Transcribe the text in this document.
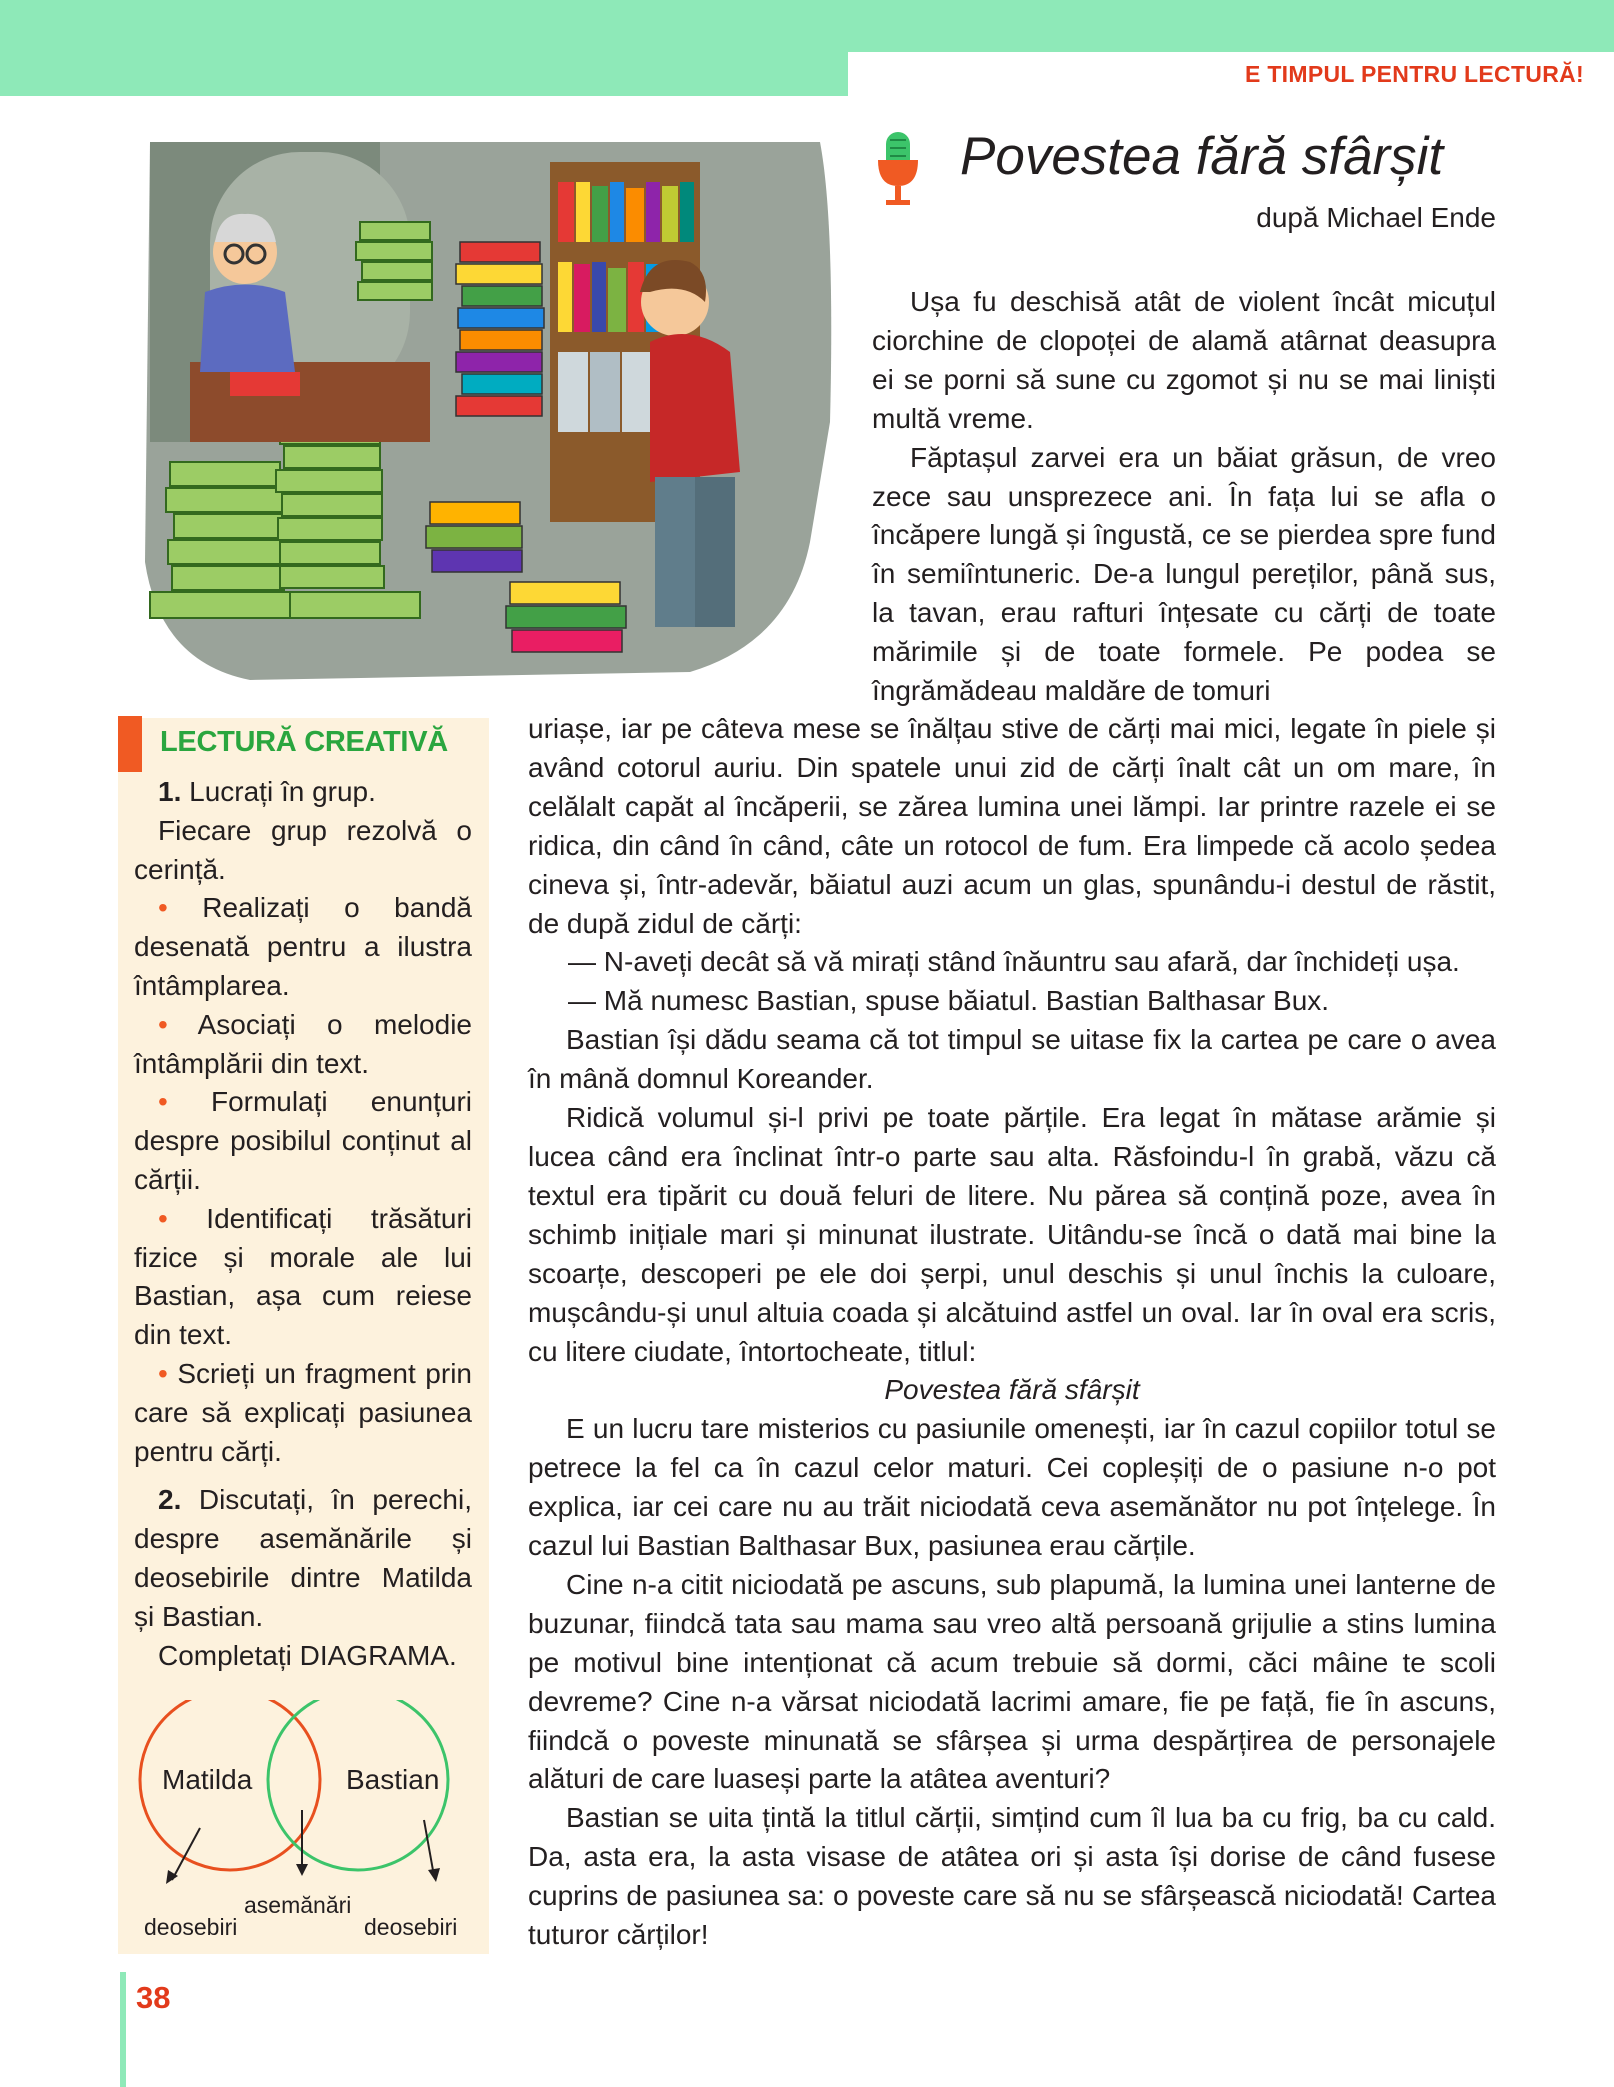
E TIMPUL PENTRU LECTURĂ!
Povestea fără sfârșit
după Michael Ende

Ușa fu deschisă atât de violent încât micuțul ciorchine de clopoței de alamă atârnat deasupra ei se porni să sune cu zgomot și nu se mai liniști multă vreme.

Făptașul zarvei era un băiat grăsun, de vreo zece sau unsprezece ani. În fața lui se afla o încăpere lungă și îngustă, ce se pierdea spre fund în semiîntuneric. De-a lungul pereților, până sus, la tavan, erau rafturi înțesate cu cărți de toate mărimile și de toate formele. Pe podea se îngrămădeau maldăre de tomuri

uriașe, iar pe câteva mese se înălțau stive de cărți mai mici, legate în piele și având cotorul auriu. Din spatele unui zid de cărți înalt cât un om mare, în celălalt capăt al încăperii, se zărea lumina unei lămpi. Iar printre razele ei se ridica, din când în când, câte un rotocol de fum. Era limpede că acolo ședea cineva și, într-adevăr, băiatul auzi acum un glas, spunându-i destul de răstit, de după zidul de cărți:

— N-aveți decât să vă mirați stând înăuntru sau afară, dar închideți ușa.

— Mă numesc Bastian, spuse băiatul. Bastian Balthasar Bux.

Bastian își dădu seama că tot timpul se uitase fix la cartea pe care o avea în mână domnul Koreander.

Ridică volumul și-l privi pe toate părțile. Era legat în mătase arămie și lucea când era înclinat într-o parte sau alta. Răsfoindu-l în grabă, văzu că textul era tipărit cu două feluri de litere. Nu părea să conțină poze, avea în schimb inițiale mari și minunat ilustrate. Uitându-se încă o dată mai bine la scoarțe, descoperi pe ele doi șerpi, unul deschis și unul închis la culoare, mușcându-și unul altuia coada și alcătuind astfel un oval. Iar în oval era scris, cu litere ciudate, întortocheate, titlul:

Povestea fără sfârșit

E un lucru tare misterios cu pasiunile omenești, iar în cazul copiilor totul se petrece la fel ca în cazul celor maturi. Cei copleșiți de o pasiune n-o pot explica, iar cei care nu au trăit niciodată ceva asemănător nu pot înțelege. În cazul lui Bastian Balthasar Bux, pasiunea erau cărțile.

Cine n-a citit niciodată pe ascuns, sub plapumă, la lumina unei lanterne de buzunar, fiindcă tata sau mama sau vreo altă persoană grijulie a stins lumina pe motivul bine intenționat că acum trebuie să dormi, căci mâine te scoli devreme? Cine n-a vărsat niciodată lacrimi amare, fie pe față, fie în ascuns, fiindcă o poveste minunată se sfârșea și urma despărțirea de personajele alături de care luaseși parte la atâtea aventuri?

Bastian se uita țintă la titlul cărții, simțind cum îl lua ba cu frig, ba cu cald. Da, asta era, la asta visase de atâtea ori și asta își dorise de când fusese cuprins de pasiunea sa: o poveste care să nu se sfârșească niciodată! Cartea tuturor cărților!

LECTURĂ CREATIVĂ

1. Lucrați în grup.

Fiecare grup rezolvă o cerință.

• Realizați o bandă desenată pentru a ilustra întâmplarea.

• Asociați o melodie întâmplării din text.

• Formulați enunțuri despre posibilul conținut al cărții.

• Identificați trăsături fizice și morale ale lui Bastian, așa cum reiese din text.

• Scrieți un fragment prin care să explicați pasiunea pentru cărți.

2. Discutați, în perechi, despre asemănările și deosebirile dintre Matilda și Bastian.

Completați DIAGRAMA.

Matilda	Bastian
asemănări
deosebiri	deosebiri
38
